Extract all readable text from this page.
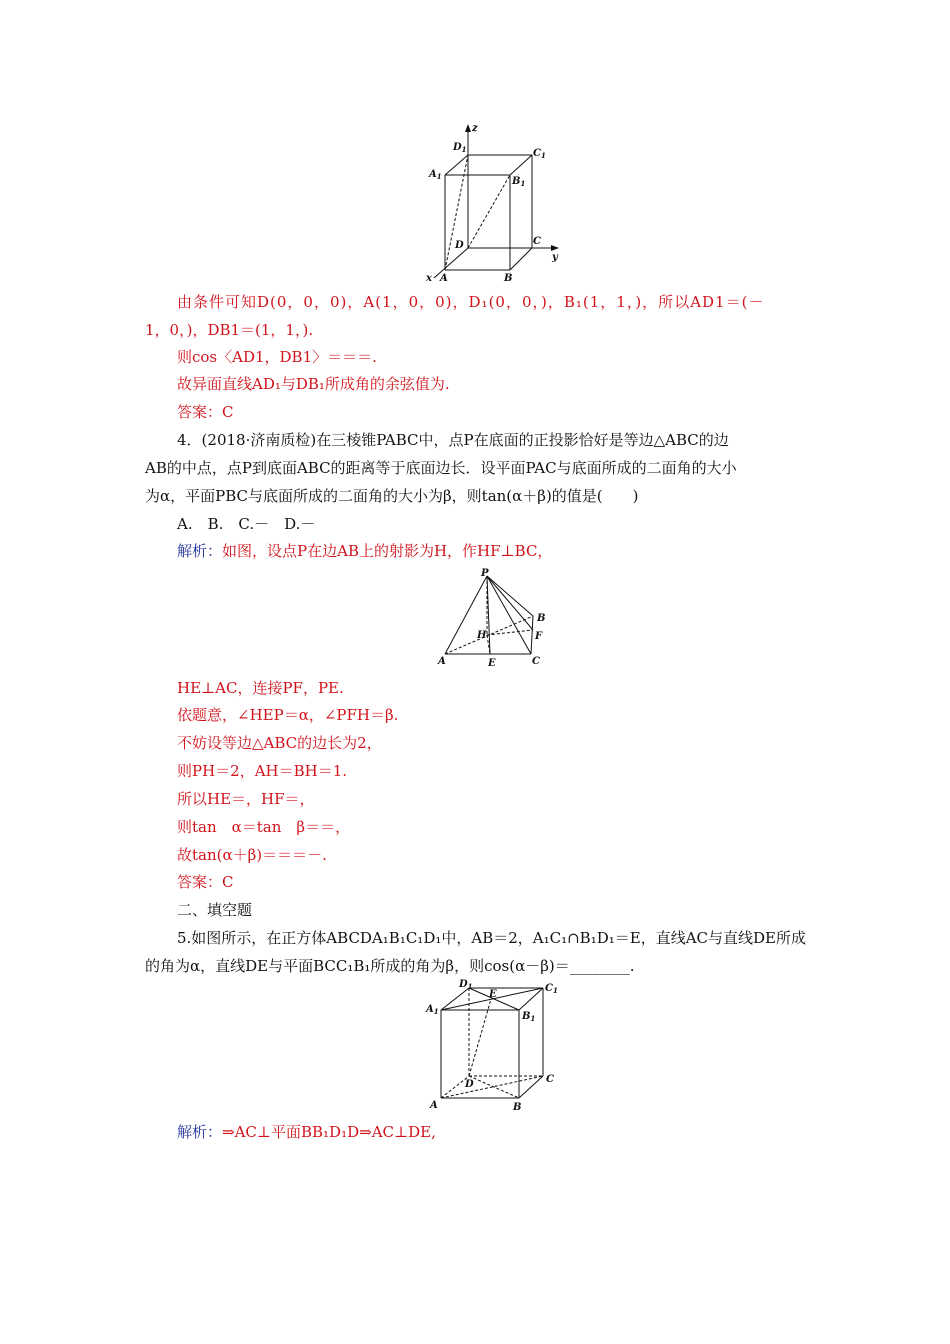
z
y
x
$D_1$	$C_1$
$A_1$	$B_1$
D	C
A	B
由条件可知D(0，0，0)，A(1，0，0)，D₁(0，0，)，B₁(1，1，)，所以AD1＝(－
1，0，)，DB1＝(1，1，).
则cos〈AD1，DB1〉＝＝＝.
故异面直线AD₁与DB₁所成角的余弦值为.
答案：C
4．(2018·济南质检)在三棱锥PABC中，点P在底面的正投影恰好是等边△ABC的边
AB的中点，点P到底面ABC的距离等于底面边长．设平面PAC与底面所成的二面角的大小
为α，平面PBC与底面所成的二面角的大小为β，则tan(α＋β)的值是(　　)
A.　B.　C.－　D.－
解析：如图，设点P在边AB上的射影为H，作HF⊥BC，
P
B
H	F
A	E	C
HE⊥AC，连接PF，PE.
依题意，∠HEP＝α，∠PFH＝β.
不妨设等边△ABC的边长为2，
则PH＝2，AH＝BH＝1.
所以HE＝，HF＝，
则tan　α＝tan　β＝＝，
故tan(α＋β)＝＝＝－.
答案：C
二、填空题
5.如图所示，在正方体ABCDA₁B₁C₁D₁中，AB＝2，A₁C₁∩B₁D₁＝E，直线AC与直线DE所成
的角为α，直线DE与平面BCC₁B₁所成的角为β，则cos(α－β)＝________.
$D_1$
E
$C_1$
$A_1$	$B_1$
D	C
A	B
解析：⇒AC⊥平面BB₁D₁D⇒AC⊥DE,
